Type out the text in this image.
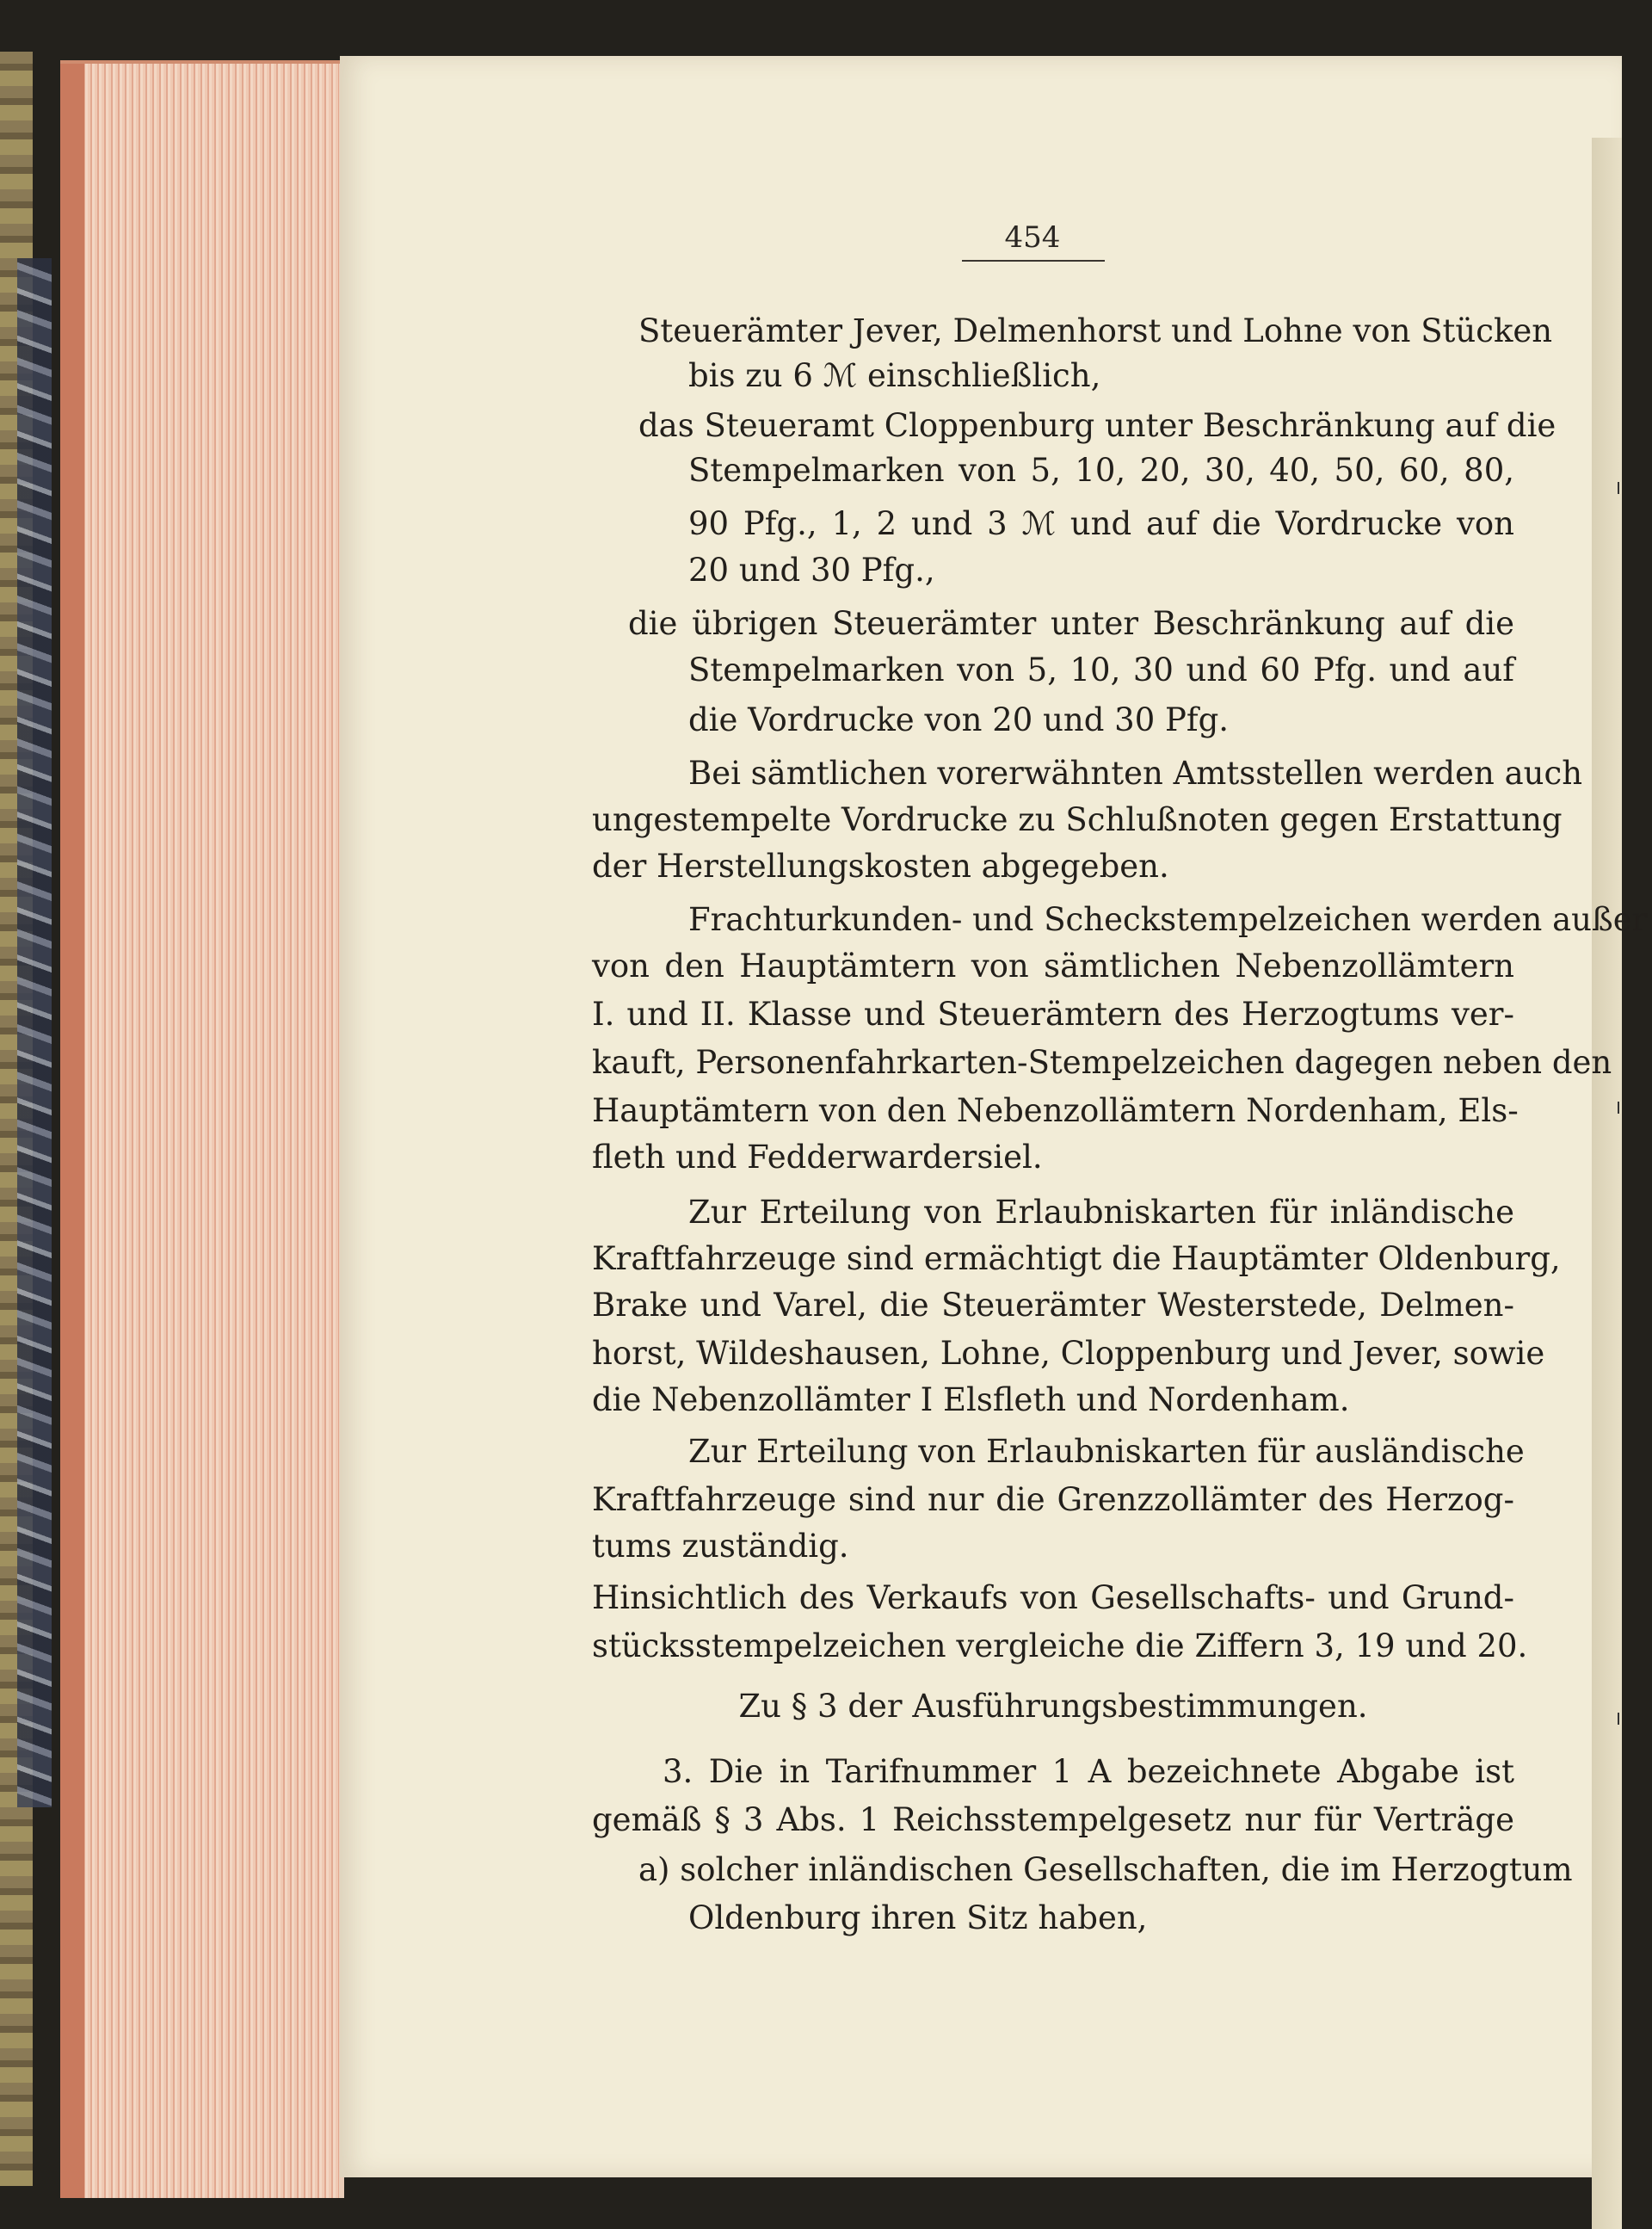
454
Steuerämter Jever, Delmenhorst und Lohne von Stücken
bis zu 6 ℳ einschließlich,
das Steueramt Cloppenburg unter Beschränkung auf die
Stempelmarken von 5, 10, 20, 30, 40, 50, 60, 80,
90 Pfg., 1, 2 und 3 ℳ und auf die Vordrucke von
20 und 30 Pfg.,
die übrigen Steuerämter unter Beschränkung auf die
Stempelmarken von 5, 10, 30 und 60 Pfg. und auf
die Vordrucke von 20 und 30 Pfg.
Bei sämtlichen vorerwähnten Amtsstellen werden auch
ungestempelte Vordrucke zu Schlußnoten gegen Erstattung
der Herstellungskosten abgegeben.
Frachturkunden- und Scheckstempelzeichen werden außer
von den Hauptämtern von sämtlichen Nebenzollämtern
I. und II. Klasse und Steuerämtern des Herzogtums ver-
kauft, Personenfahrkarten-Stempelzeichen dagegen neben den
Hauptämtern von den Nebenzollämtern Nordenham, Els-
fleth und Fedderwardersiel.
Zur Erteilung von Erlaubniskarten für inländische
Kraftfahrzeuge sind ermächtigt die Hauptämter Oldenburg,
Brake und Varel, die Steuerämter Westerstede, Delmen-
horst, Wildeshausen, Lohne, Cloppenburg und Jever, sowie
die Nebenzollämter I Elsfleth und Nordenham.
Zur Erteilung von Erlaubniskarten für ausländische
Kraftfahrzeuge sind nur die Grenzzollämter des Herzog-
tums zuständig.
Hinsichtlich des Verkaufs von Gesellschafts- und Grund-
stücksstempelzeichen vergleiche die Ziffern 3, 19 und 20.
Zu § 3 der Ausführungsbestimmungen.
3. Die in Tarifnummer 1 A bezeichnete Abgabe ist
gemäß § 3 Abs. 1 Reichsstempelgesetz nur für Verträge
a) solcher inländischen Gesellschaften, die im Herzogtum
Oldenburg ihren Sitz haben,
